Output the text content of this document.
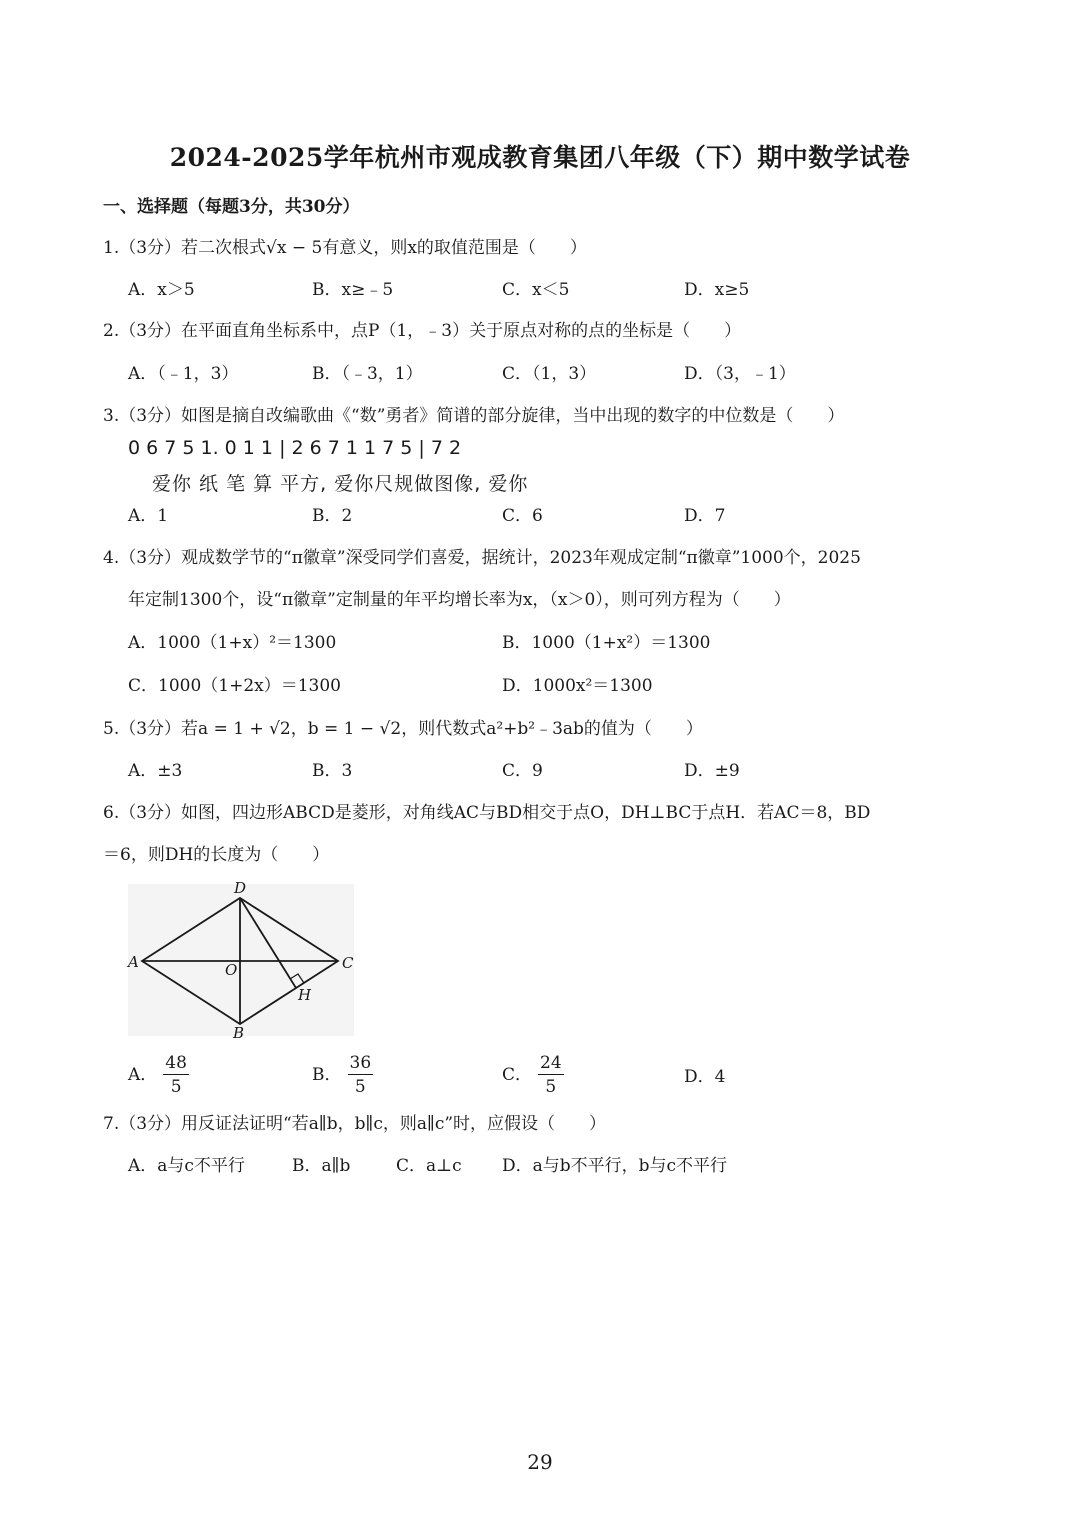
2024-2025学年杭州市观成教育集团八年级（下）期中数学试卷
一、选择题（每题3分，共30分）
1.（3分）若二次根式√x − 5有意义，则x的取值范围是（　　）
A．x＞5	B．x≥﹣5	C．x＜5	D．x≥5
2.（3分）在平面直角坐标系中，点P（1，﹣3）关于原点对称的点的坐标是（　　）
A．（﹣1，3）	B．（﹣3，1）	C．（1，3）	D．（3，﹣1）
3.（3分）如图是摘自改编歌曲《“数”勇者》简谱的部分旋律，当中出现的数字的中位数是（　　）
0 6 7 5 1. 0 1 1 | 2 6 7 1 1 7 5 | 7 2
爱你 纸 笔 算 平方, 爱你尺规做图像, 爱你
A．1	B．2	C．6	D．7
4.（3分）观成数学节的“π徽章”深受同学们喜爱，据统计，2023年观成定制“π徽章”1000个，2025
年定制1300个，设“π徽章”定制量的年平均增长率为x，（x＞0），则可列方程为（　　）
A．1000（1+x）²＝1300	B．1000（1+x²）＝1300
C．1000（1+2x）＝1300	D．1000x²＝1300
5.（3分）若a = 1 + √2，b = 1 − √2，则代数式a²+b²﹣3ab的值为（　　）
A．±3	B．3	C．9	D．±9
6.（3分）如图，四边形ABCD是菱形，对角线AC与BD相交于点O，DH⊥BC于点H．若AC＝8，BD
＝6，则DH的长度为（　　）
A
D
C
B
O
H
A． $\frac{48}{5}$	B． $\frac{36}{5}$	C． $\frac{24}{5}$	D．4
7.（3分）用反证法证明“若a∥b，b∥c，则a∥c”时，应假设（　　）
A．a与c不平行	B．a∥b	C．a⊥c D．a与b不平行，b与c不平行
29
